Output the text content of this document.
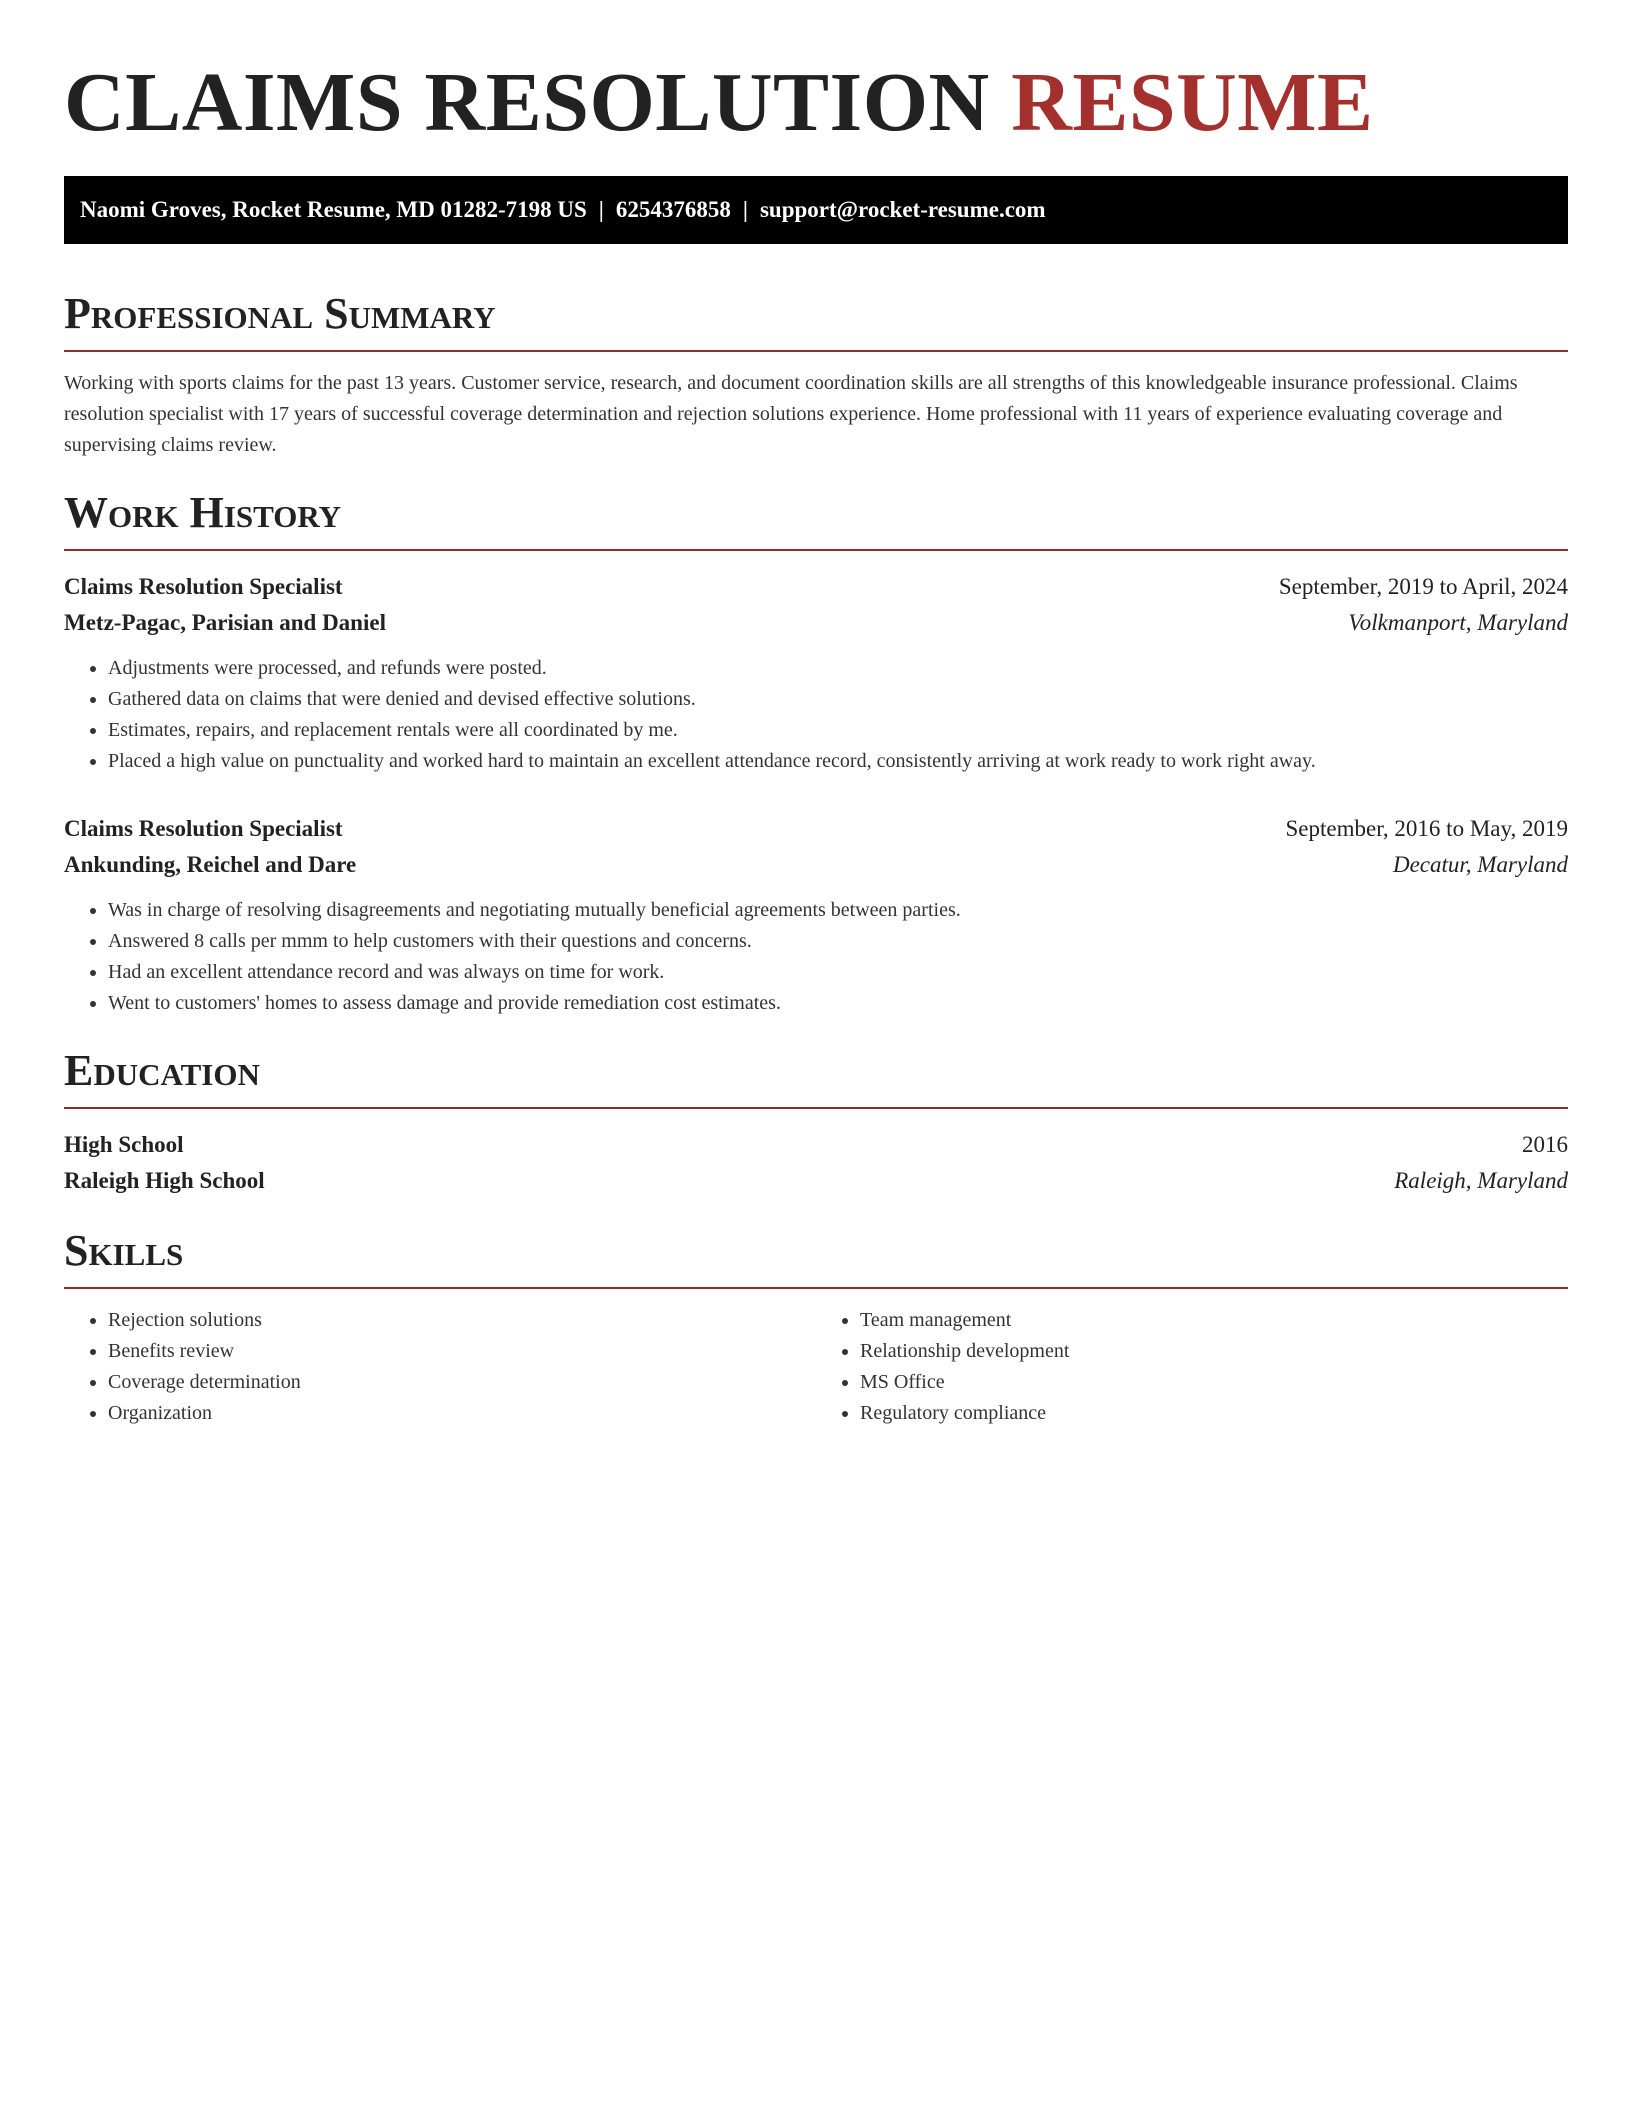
CLAIMS RESOLUTION RESUME
Naomi Groves, Rocket Resume, MD 01282-7198 US | 6254376858 | support@rocket-resume.com
Professional Summary

Working with sports claims for the past 13 years. Customer service, research, and document coordination skills are all strengths of this knowledgeable insurance professional. Claims resolution specialist with 17 years of successful coverage determination and rejection solutions experience. Home professional with 11 years of experience evaluating coverage and supervising claims review.

Work History
Claims Resolution Specialist	September, 2019 to April, 2024
Metz-Pagac, Parisian and Daniel	Volkmanport, Maryland
• Adjustments were processed, and refunds were posted.
• Gathered data on claims that were denied and devised effective solutions.
• Estimates, repairs, and replacement rentals were all coordinated by me.
• Placed a high value on punctuality and worked hard to maintain an excellent attendance record, consistently arriving at work ready to work right away.
Claims Resolution Specialist	September, 2016 to May, 2019
Ankunding, Reichel and Dare	Decatur, Maryland
• Was in charge of resolving disagreements and negotiating mutually beneficial agreements between parties.
• Answered 8 calls per mmm to help customers with their questions and concerns.
• Had an excellent attendance record and was always on time for work.
• Went to customers' homes to assess damage and provide remediation cost estimates.
Education
High School	2016
Raleigh High School	Raleigh, Maryland
Skills
• Rejection solutions
• Benefits review
• Coverage determination
• Organization
• Team management
• Relationship development
• MS Office
• Regulatory compliance
